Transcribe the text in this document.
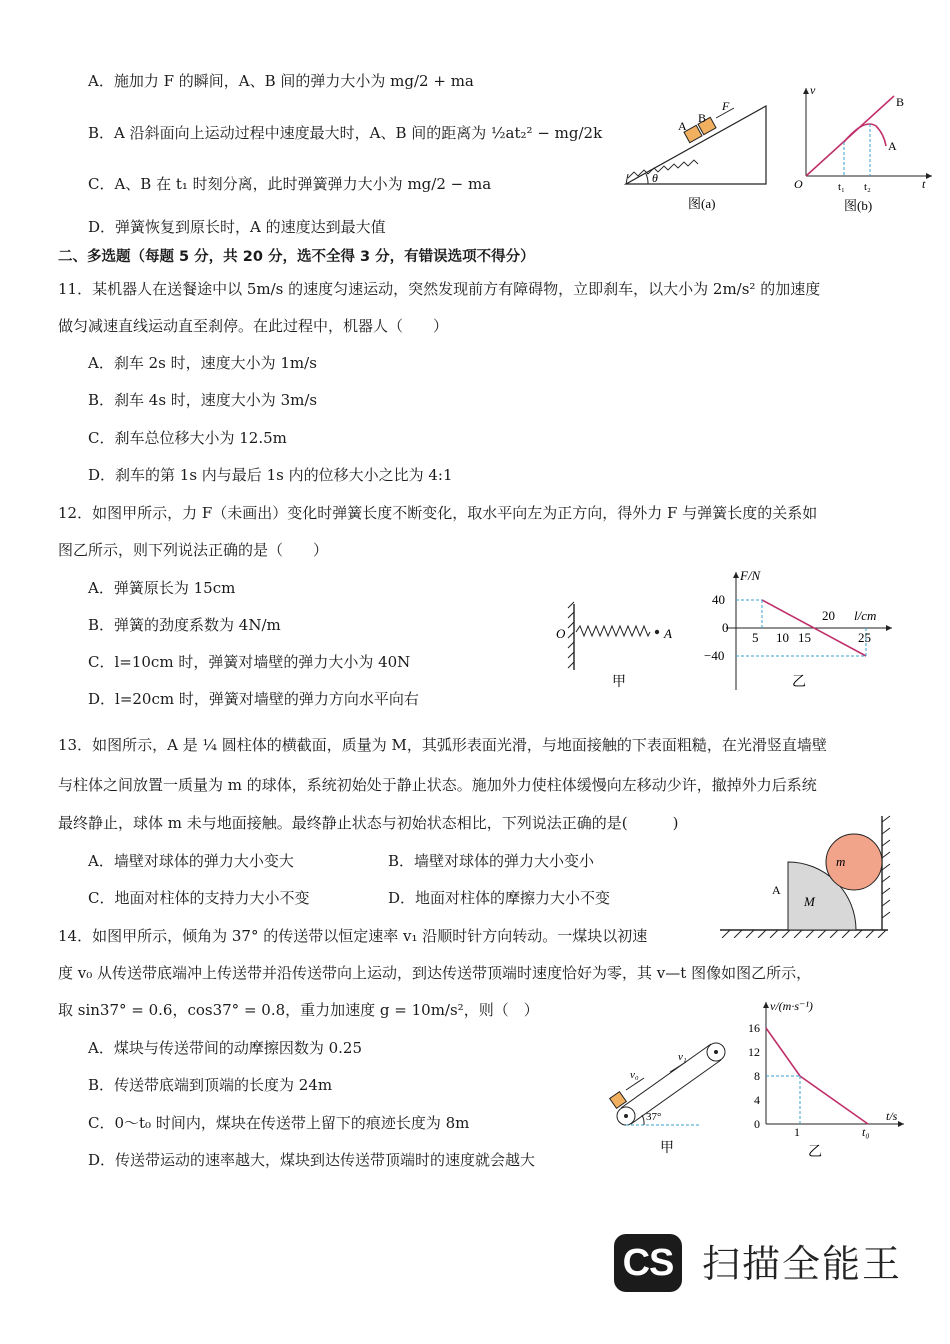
A．施加力 F 的瞬间，A、B 间的弹力大小为 mg/2 + ma
B．A 沿斜面向上运动过程中速度最大时，A、B 间的距离为 ½at₂² − mg/2k
C．A、B 在 t₁ 时刻分离，此时弹簧弹力大小为 mg/2 − ma
D．弹簧恢复到原长时，A 的速度达到最大值
A
B
F
θ
图(a)
v
t
O	t₁ t₂
B
A
图(b)
二、多选题（每题 5 分，共 20 分，选不全得 3 分，有错误选项不得分）
11．某机器人在送餐途中以 5m/s 的速度匀速运动，突然发现前方有障碍物，立即刹车，以大小为 2m/s² 的加速度
做匀减速直线运动直至刹停。在此过程中，机器人（　　）
A．刹车 2s 时，速度大小为 1m/s
B．刹车 4s 时，速度大小为 3m/s
C．刹车总位移大小为 12.5m
D．刹车的第 1s 内与最后 1s 内的位移大小之比为 4:1
12．如图甲所示，力 F（未画出）变化时弹簧长度不断变化，取水平向左为正方向，得外力 F 与弹簧长度的关系如
图乙所示，则下列说法正确的是（　　）
A．弹簧原长为 15cm
B．弹簧的劲度系数为 4N/m
C．l=10cm 时，弹簧对墙壁的弹力大小为 40N
D．l=20cm 时，弹簧对墙壁的弹力方向水平向右
O	A
甲
F/N
l/cm
40
0
−40
5 10 15
20
25
乙
13．如图所示，A 是 ¼ 圆柱体的横截面，质量为 M，其弧形表面光滑，与地面接触的下表面粗糙，在光滑竖直墙壁
与柱体之间放置一质量为 m 的球体，系统初始处于静止状态。施加外力使柱体缓慢向左移动少许，撤掉外力后系统
最终静止，球体 m 未与地面接触。最终静止状态与初始状态相比，下列说法正确的是(　　　)
A．墙壁对球体的弹力大小变大	B．墙壁对球体的弹力大小变小
C．地面对柱体的支持力大小不变	D．地面对柱体的摩擦力大小不变	A
M
m
14．如图甲所示，倾角为 37° 的传送带以恒定速率 v₁ 沿顺时针方向转动。一煤块以初速
度 v₀ 从传送带底端冲上传送带并沿传送带向上运动，到达传送带顶端时速度恰好为零，其 v—t 图像如图乙所示，
取 sin37° = 0.6，cos37° = 0.8，重力加速度 g = 10m/s²，则（　）
A．煤块与传送带间的动摩擦因数为 0.25
B．传送带底端到顶端的长度为 24m
C．0～t₀ 时间内，煤块在传送带上留下的痕迹长度为 8m
D．传送带运动的速率越大，煤块到达传送带顶端时的速度就会越大
v₀
v₁
37°
甲
v/(m·s⁻¹)
t/s
16
12
8
4
0
1	t₀
乙
CS 扫描全能王
